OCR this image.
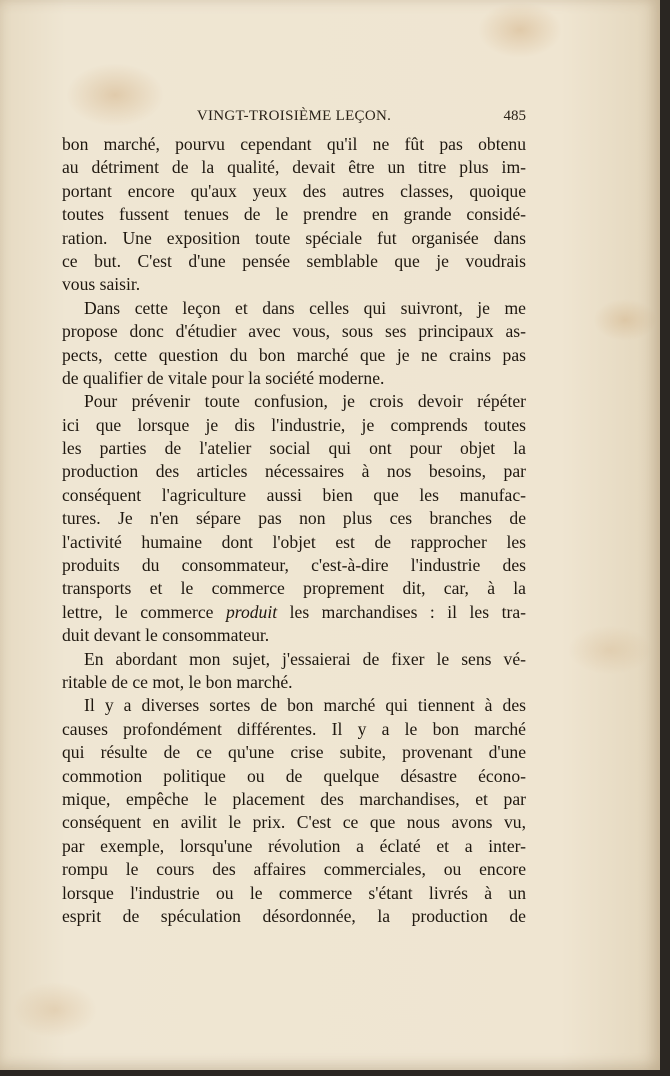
VINGT-TROISIÈME LEÇON.	485
bon marché, pourvu cependant qu'il ne fût pas obtenu
au détriment de la qualité, devait être un titre plus im-
portant encore qu'aux yeux des autres classes, quoique
toutes fussent tenues de le prendre en grande considé-
ration. Une exposition toute spéciale fut organisée dans
ce but. C'est d'une pensée semblable que je voudrais
vous saisir.
Dans cette leçon et dans celles qui suivront, je me
propose donc d'étudier avec vous, sous ses principaux as-
pects, cette question du bon marché que je ne crains pas
de qualifier de vitale pour la société moderne.
Pour prévenir toute confusion, je crois devoir répéter
ici que lorsque je dis l'industrie, je comprends toutes
les parties de l'atelier social qui ont pour objet la
production des articles nécessaires à nos besoins, par
conséquent l'agriculture aussi bien que les manufac-
tures. Je n'en sépare pas non plus ces branches de
l'activité humaine dont l'objet est de rapprocher les
produits du consommateur, c'est-à-dire l'industrie des
transports et le commerce proprement dit, car, à la
lettre, le commerce produit les marchandises : il les tra-
duit devant le consommateur.
En abordant mon sujet, j'essaierai de fixer le sens vé-
ritable de ce mot, le bon marché.
Il y a diverses sortes de bon marché qui tiennent à des
causes profondément différentes. Il y a le bon marché
qui résulte de ce qu'une crise subite, provenant d'une
commotion politique ou de quelque désastre écono-
mique, empêche le placement des marchandises, et par
conséquent en avilit le prix. C'est ce que nous avons vu,
par exemple, lorsqu'une révolution a éclaté et a inter-
rompu le cours des affaires commerciales, ou encore
lorsque l'industrie ou le commerce s'étant livrés à un
esprit de spéculation désordonnée, la production de
